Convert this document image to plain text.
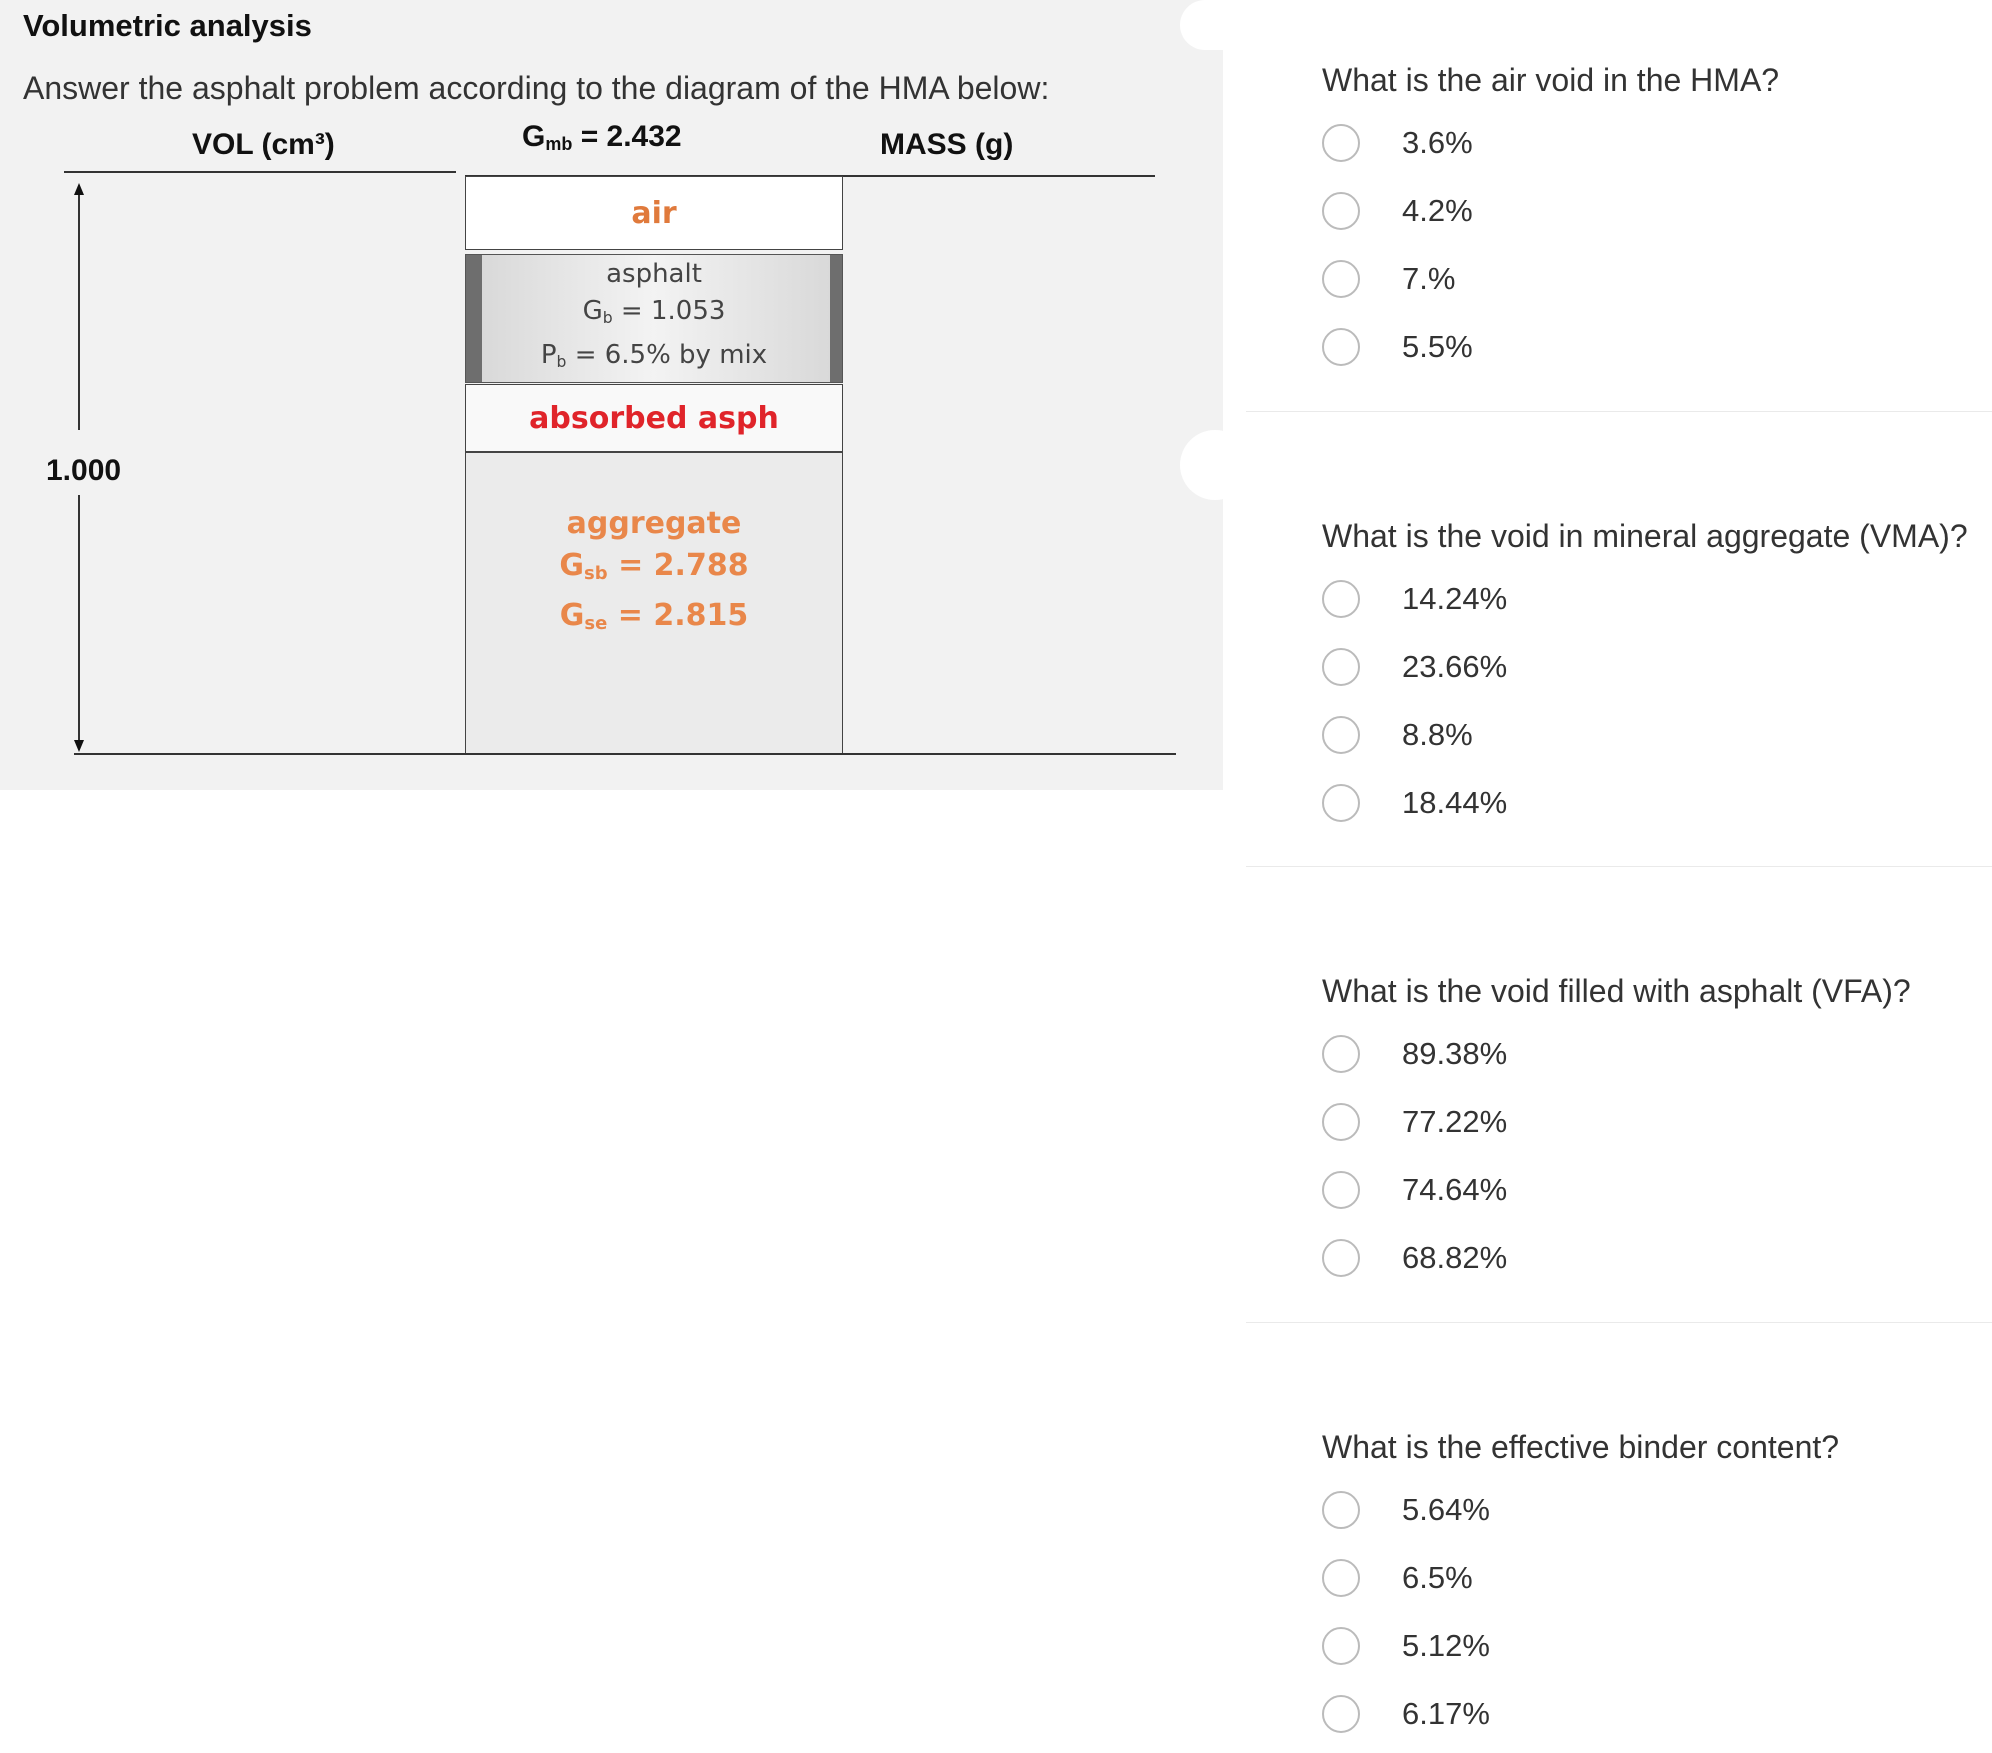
Volumetric analysis
Answer the asphalt problem according to the diagram of the HMA below:
VOL (cm³)	$G_{mb} = 2.432$	MASS (g)
1.000
air
asphalt
$G_b = 1.053$
$P_b = 6.5\%$ by mix
absorbed asph
aggregate
$G_{sb} = 2.788$
$G_{se} = 2.815$
What is the air void in the HMA?
3.6%
4.2%
7.%
5.5%
What is the void in mineral aggregate (VMA)?
14.24%
23.66%
8.8%
18.44%
What is the void filled with asphalt (VFA)?
89.38%
77.22%
74.64%
68.82%
What is the effective binder content?
5.64%
6.5%
5.12%
6.17%
